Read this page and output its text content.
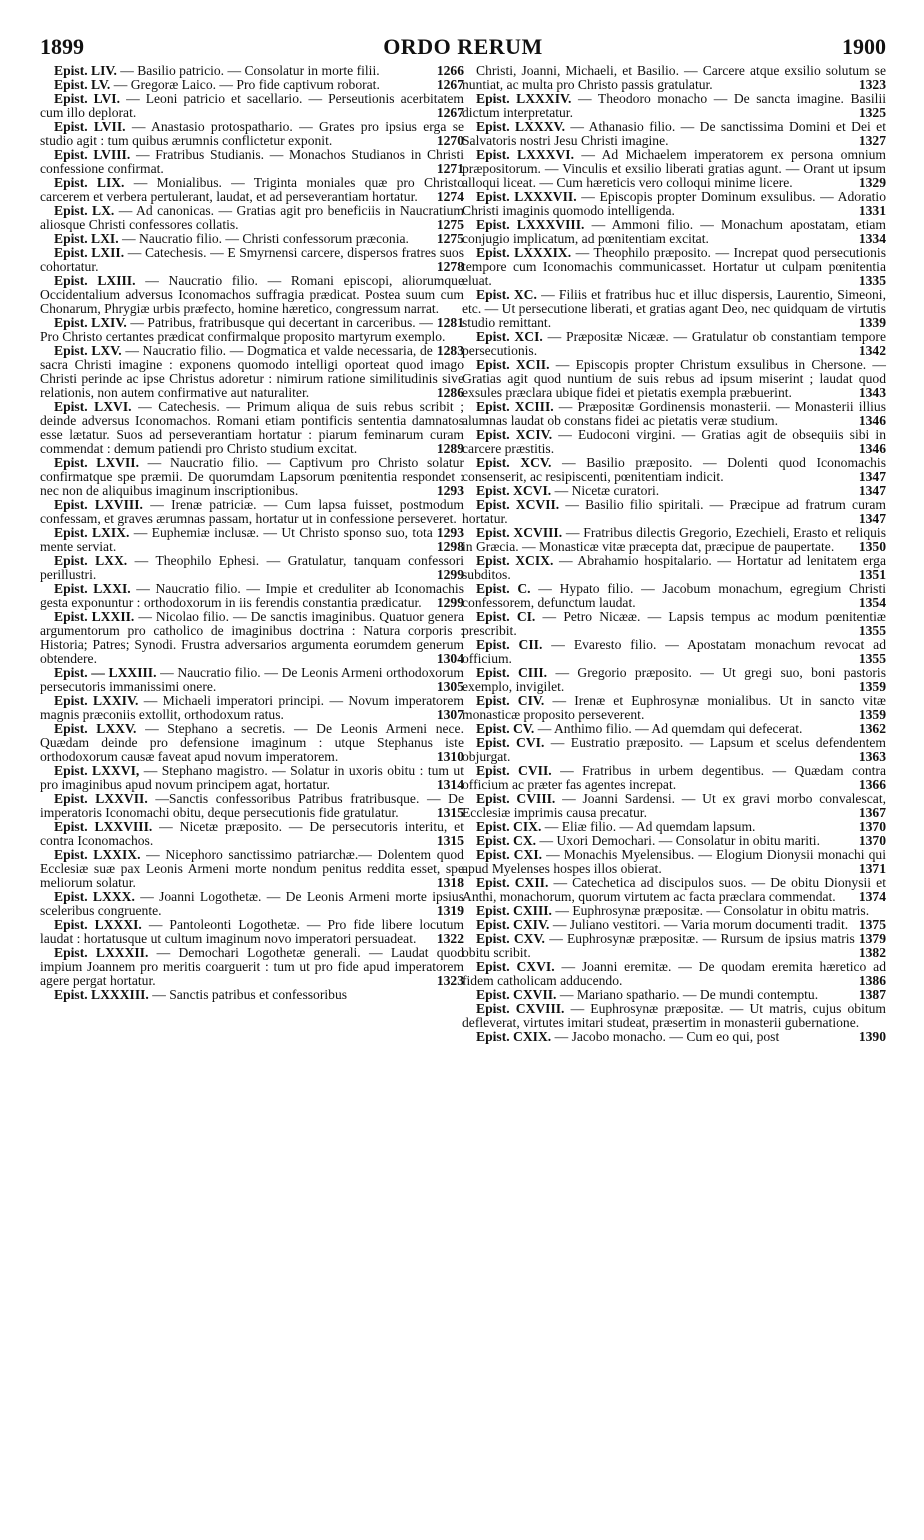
1899	ORDO RERUM	1900

Epist. LIV. — Basilio patricio. — Consolatur in morte filii.	1266

Epist. LV. — Gregoræ Laico. — Pro fide captivum roborat.	1267

Epist. LVI. — Leoni patricio et sacellario. — Perseutionis acerbitatem cum illo deplorat.	1267

Epist. LVII. — Anastasio protospathario. — Grates pro ipsius erga se studio agit : tum quibus ærumnis conflictetur exponit.	1270

Epist. LVIII. — Fratribus Studianis. — Monachos Studianos in Christi confessione confirmat.	1271

Epist. LIX. — Monialibus. — Triginta moniales quæ pro Christo carcerem et verbera pertulerant, laudat, et ad perseverantiam hortatur. 1274

Epist. LX. — Ad canonicas. — Gratias agit pro beneficiis in Naucratium aliosque Christi confessores collatis.	1275

Epist. LXI. — Naucratio filio. — Christi confessorum præconia. 1275

Epist. LXII. — Catechesis. — E Smyrnensi carcere, dispersos fratres suos cohortatur.	1278

Epist. LXIII. — Naucratio filio. — Romani episcopi, aliorumque Occidentalium adversus Iconomachos suffragia prædicat. Postea suum cum Chonarum, Phrygiæ urbis præfecto, homine hæretico, congressum narrat.
1281

Epist. LXIV. — Patribus, fratribusque qui decertant in carceribus. — Pro Christo certantes prædicat confirmalque proposito martyrum exemplo.
1283

Epist. LXV. — Naucratio filio. — Dogmatica et valde necessaria, de sacra Christi imagine : exponens quomodo intelligi oporteat quod imago Christi perinde ac ipse Christus adoretur : nimirum ratione similitudinis sive relationis, non autem confirmative aut naturaliter.	1286

Epist. LXVI. — Catechesis. — Primum aliqua de suis rebus scribit ; deinde adversus Iconomachos. Romani etiam pontificis sententia damnatos esse lætatur. Suos ad perseverantiam hortatur : piarum feminarum curam commendat : demum patiendi pro Christo studium excitat.	1289

Epist. LXVII. — Naucratio filio. — Captivum pro Christo solatur confirmatque spe præmii. De quorumdam Lapsorum pœnitentia respondet : nec non de aliquibus imaginum inscriptionibus.	1293

Epist. LXVIII. — Irenæ patriciæ. — Cum lapsa fuisset, postmodum confessam, et graves ærumnas passam, hortatur ut in confessione perseveret.
1293

Epist. LXIX. — Euphemiæ inclusæ. — Ut Christo sponso suo, tota mente serviat.	1298

Epist. LXX. — Theophilo Ephesi. — Gratulatur, tanquam confessori perillustri.	1299

Epist. LXXI. — Naucratio filio. — Impie et creduliter ab Iconomachis gesta exponuntur : orthodoxorum in iis ferendis constantia prædicatur. 1299

Epist. LXXII. — Nicolao filio. — De sanctis imaginibus. Quatuor genera argumentorum pro catholico de imaginibus doctrina : Natura corporis : Historia; Patres; Synodi. Frustra adversarios argumenta eorumdem generum obtendere.	1304

Epist. — LXXIII. — Naucratio filio. — De Leonis Armeni orthodoxorum persecutoris immanissimi onere.	1305

Epist. LXXIV. — Michaeli imperatori principi. — Novum imperatorem magnis præconiis extollit, orthodoxum ratus.	1307

Epist. LXXV. — Stephano a secretis. — De Leonis Armeni nece. Quædam deinde pro defensione imaginum : utque Stephanus iste orthodoxorum causæ faveat apud novum imperatorem.	1310

Epist. LXXVI, — Stephano magistro. — Solatur in uxoris obitu : tum ut pro imaginibus apud novum principem agat, hortatur.	1314

Epist. LXXVII. —Sanctis confessoribus Patribus fratribusque. — De imperatoris Iconomachi obitu, deque persecutionis fide gratulatur.	1315

Epist. LXXVIII. — Nicetæ præposito. — De persecutoris interitu, et contra Iconomachos.	1315

Epist. LXXIX. — Nicephoro sanctissimo patriarchæ.— Dolentem quod Ecclesiæ suæ pax Leonis Armeni morte nondum penitus reddita esset, spe meliorum solatur.	1318

Epist. LXXX. — Joanni Logothetæ. — De Leonis Armeni morte ipsius sceleribus congruente.	1319

Epist. LXXXI. — Pantoleonti Logothetæ. — Pro fide libere locutum laudat : hortatusque ut cultum imaginum novo imperatori persuadeat. 1322

Epist. LXXXII. — Demochari Logothetæ generali. — Laudat quod impium Joannem pro meritis coarguerit : tum ut pro fide apud imperatorem agere pergat hortatur.	1323

Epist. LXXXIII. — Sanctis patribus et confessoribus

Christi, Joanni, Michaeli, et Basilio. — Carcere atque exsilio solutum se nuntiat, ac multa pro Christo passis gratulatur.	1323

Epist. LXXXIV. — Theodoro monacho — De sancta imagine. Basilii dictum interpretatur.	1325

Epist. LXXXV. — Athanasio filio. — De sanctissima Domini et Dei et Salvatoris nostri Jesu Christi imagine.	1327

Epist. LXXXVI. — Ad Michaelem imperatorem ex persona omnium præpositorum. — Vinculis et exsilio liberati gratias agunt. — Orant ut ipsum alloqui liceat. — Cum hæreticis vero colloqui minime licere.	1329

Epist. LXXXVII. — Episcopis propter Dominum exsulibus. — Adoratio Christi imaginis quomodo intelligenda.	1331

Epist. LXXXVIII. — Ammoni filio. — Monachum apostatam, etiam conjugio implicatum, ad pœnitentiam excitat.	1334

Epist. LXXXIX. — Theophilo præposito. — Increpat quod persecutionis tempore cum Iconomachis communicasset. Hortatur ut culpam pœnitentia eluat.	1335

Epist. XC. — Filiis et fratribus huc et illuc dispersis, Laurentio, Simeoni, etc. — Ut persecutione liberati, et gratias agant Deo, nec quidquam de virtutis studio remittant.	1339

Epist. XCI. — Præpositæ Nicææ. — Gratulatur ob constantiam tempore persecutionis.	1342

Epist. XCII. — Episcopis propter Christum exsulibus in Chersone. — Gratias agit quod nuntium de suis rebus ad ipsum miserint ; laudat quod exsules præclara ubique fidei et pietatis exempla præbuerint.	1343

Epist. XCIII. — Præpositæ Gordinensis monasterii. — Monasterii illius alumnas laudat ob constans fidei ac pietatis veræ studium.	1346

Epist. XCIV. — Eudoconi virgini. — Gratias agit de obsequiis sibi in carcere præstitis.	1346

Epist. XCV. — Basilio præposito. — Dolenti quod Iconomachis consenserit, ac resipiscenti, pœnitentiam indicit.	1347

Epist. XCVI. — Nicetæ curatori.	1347

Epist. XCVII. — Basilio filio spiritali. — Præcipue ad fratrum curam hortatur.	1347

Epist. XCVIII. — Fratribus dilectis Gregorio, Ezechieli, Erasto et reliquis in Græcia. — Monasticæ vitæ præcepta dat, præcipue de paupertate. 1350

Epist. XCIX. — Abrahamio hospitalario. — Hortatur ad lenitatem erga subditos.	1351

Epist. C. — Hypato filio. — Jacobum monachum, egregium Christi confessorem, defunctum laudat.	1354

Epist. CI. — Petro Nicææ. — Lapsis tempus ac modum pœnitentiæ prescribit.	1355

Epist. CII. — Evaresto filio. — Apostatam monachum revocat ad officium.	1355

Epist. CIII. — Gregorio præposito. — Ut gregi suo, boni pastoris exemplo, invigilet.	1359

Epist. CIV. — Irenæ et Euphrosynæ monialibus. Ut in sancto vitæ monasticæ proposito perseverent.	1359

Epist. CV. — Anthimo filio. — Ad quemdam qui defecerat.	1362

Epist. CVI. — Eustratio præposito. — Lapsum et scelus defendentem objurgat.	1363

Epist. CVII. — Fratribus in urbem degentibus. — Quædam contra officium ac præter fas agentes increpat.	1366

Epist. CVIII. — Joanni Sardensi. — Ut ex gravi morbo convalescat, Ecclesiæ imprimis causa precatur.	1367

Epist. CIX. — Eliæ filio. — Ad quemdam lapsum.	1370

Epist. CX. — Uxori Demochari. — Consolatur in obitu mariti.	1370

Epist. CXI. — Monachis Myelensibus. — Elogium Dionysii monachi qui apud Myelenses hospes illos obierat.	1371

Epist. CXII. — Catechetica ad discipulos suos. — De obitu Dionysii et Anthi, monachorum, quorum virtutem ac facta præclara commendat. 1374

Epist. CXIII. — Euphrosynæ præpositæ. — Consolatur in obitu matris.
1375

Epist. CXIV. — Juliano vestitori. — Varia morum documenti tradit.
1379

Epist. CXV. — Euphrosynæ præpositæ. — Rursum de ipsius matris obitu scribit.	1382

Epist. CXVI. — Joanni eremitæ. — De quodam eremita hæretico ad fidem catholicam adducendo.	1386

Epist. CXVII. — Mariano spathario. — De mundi contemptu.	1387

Epist. CXVIII. — Euphrosynæ præpositæ. — Ut matris, cujus obitum defleverat, virtutes imitari studeat, præsertim in monasterii gubernatione.
1390

Epist. CXIX. — Jacobo monacho. — Cum eo qui, post
